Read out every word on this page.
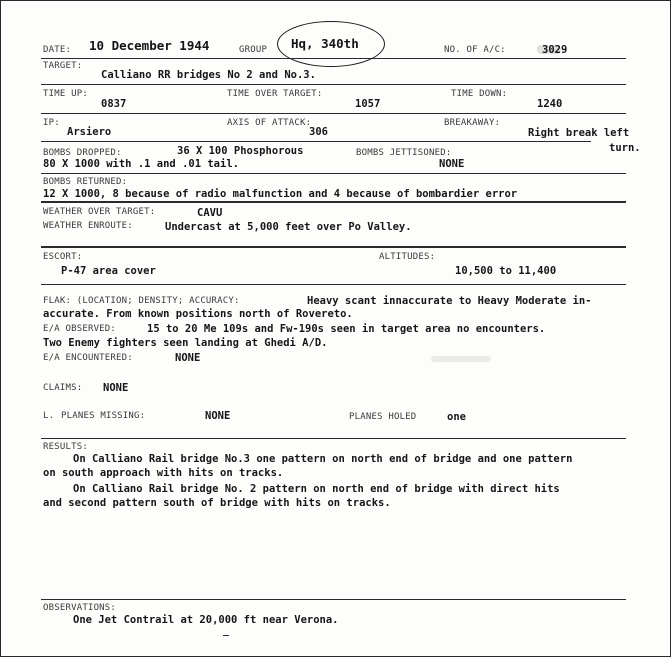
DATE: 10 December 1944	GROUP Hq, 340th	NO. OF A/C:	3029
TARGET:
Calliano RR bridges No 2 and No.3.
TIME UP:
0837
TIME OVER TARGET:
1057
TIME DOWN:
1240
IP:
Arsiero
AXIS OF ATTACK:
306
BREAKAWAY:
Right break left
turn.
BOMBS DROPPED:	36 X 100 Phosphorous
80 X 1000 with .1 and .01 tail.
BOMBS JETTISONED:
NONE
BOMBS RETURNED:
12 X 1000, 8 because of radio malfunction and 4 because of bombardier error
WEATHER OVER TARGET:	CAVU
WEATHER ENROUTE:	Undercast at 5,000 feet over Po Valley.
ESCORT:
P-47 area cover
ALTITUDES:
10,500 to 11,400
FLAK: (LOCATION; DENSITY; ACCURACY:	Heavy scant innaccurate to Heavy Moderate in-
accurate. From known positions north of Rovereto.
E/A OBSERVED:	15 to 20 Me 109s and Fw-190s seen in target area no encounters.
Two Enemy fighters seen landing at Ghedi A/D.
E/A ENCOUNTERED:	NONE
CLAIMS: NONE
L. PLANES MISSING:	NONE	PLANES HOLED	one
RESULTS:
On Calliano Rail bridge No.3 one pattern on north end of bridge and one pattern
on south approach with hits on tracks.
On Calliano Rail bridge No. 2 pattern on north end of bridge with direct hits
and second pattern south of bridge with hits on tracks.
OBSERVATIONS:
One Jet Contrail at 20,000 ft near Verona.
